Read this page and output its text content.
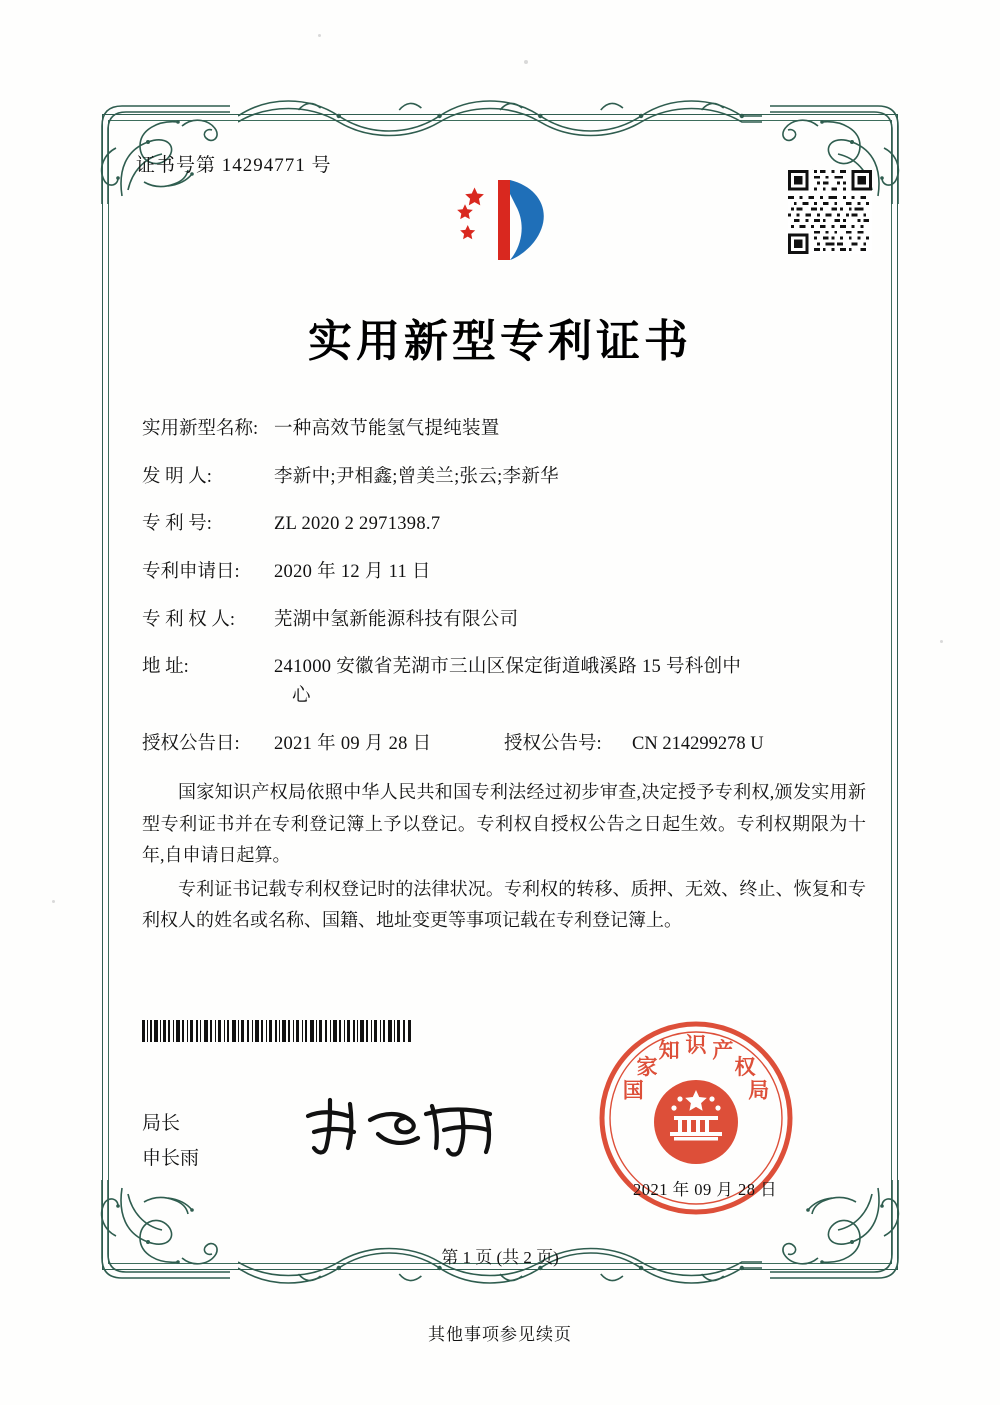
证书号第 14294771 号
实用新型专利证书
实用新型名称: 一种高效节能氢气提纯装置
发 明 人:	李新中;尹相鑫;曾美兰;张云;李新华
专 利 号:	ZL 2020 2 2971398.7
专利申请日:	2020 年 12 月 11 日
专 利 权 人:	芜湖中氢新能源科技有限公司
地 址:	241000 安徽省芜湖市三山区保定街道峨溪路 15 号科创中
心
授权公告日:	2021 年 09 月 28 日	授权公告号:	CN 214299278 U

国家知识产权局依照中华人民共和国专利法经过初步审查,决定授予专利权,颁发实用新型专利证书并在专利登记簿上予以登记。专利权自授权公告之日起生效。专利权期限为十年,自申请日起算。

专利证书记载专利权登记时的法律状况。专利权的转移、质押、无效、终止、恢复和专利权人的姓名或名称、国籍、地址变更等事项记载在专利登记簿上。

局长
申长雨
国
家
知 识 产
权
局
2021 年 09 月 28 日
第 1 页 (共 2 页)
其他事项参见续页
